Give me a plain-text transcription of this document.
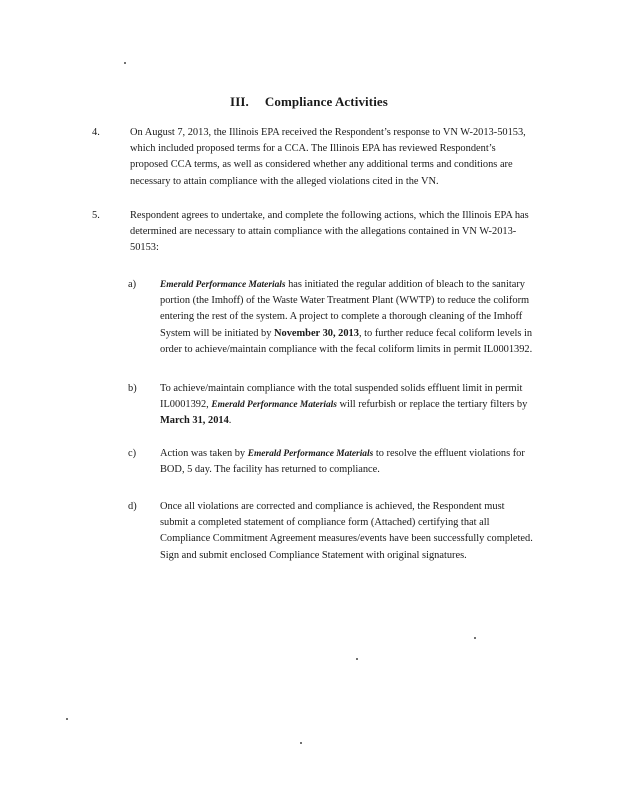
III. Compliance Activities
4.	On August 7, 2013, the Illinois EPA received the Respondent’s response to VN W-2013-50153, which included proposed terms for a CCA. The Illinois EPA has reviewed Respondent’s proposed CCA terms, as well as considered whether any additional terms and conditions are necessary to attain compliance with the alleged violations cited in the VN.
5.	Respondent agrees to undertake, and complete the following actions, which the Illinois EPA has determined are necessary to attain compliance with the allegations contained in VN W-2013-50153:
a)	Emerald Performance Materials has initiated the regular addition of bleach to the sanitary portion (the Imhoff) of the Waste Water Treatment Plant (WWTP) to reduce the coliform entering the rest of the system. A project to complete a thorough cleaning of the Imhoff System will be initiated by November 30, 2013, to further reduce fecal coliform levels in order to achieve/maintain compliance with the fecal coliform limits in permit IL0001392.
b) To achieve/maintain compliance with the total suspended solids effluent limit in permit IL0001392, Emerald Performance Materials will refurbish or replace the tertiary filters by March 31, 2014.
c) Action was taken by Emerald Performance Materials to resolve the effluent violations for BOD, 5 day. The facility has returned to compliance.
d) Once all violations are corrected and compliance is achieved, the Respondent must submit a completed statement of compliance form (Attached) certifying that all Compliance Commitment Agreement measures/events have been successfully completed. Sign and submit enclosed Compliance Statement with original signatures.
